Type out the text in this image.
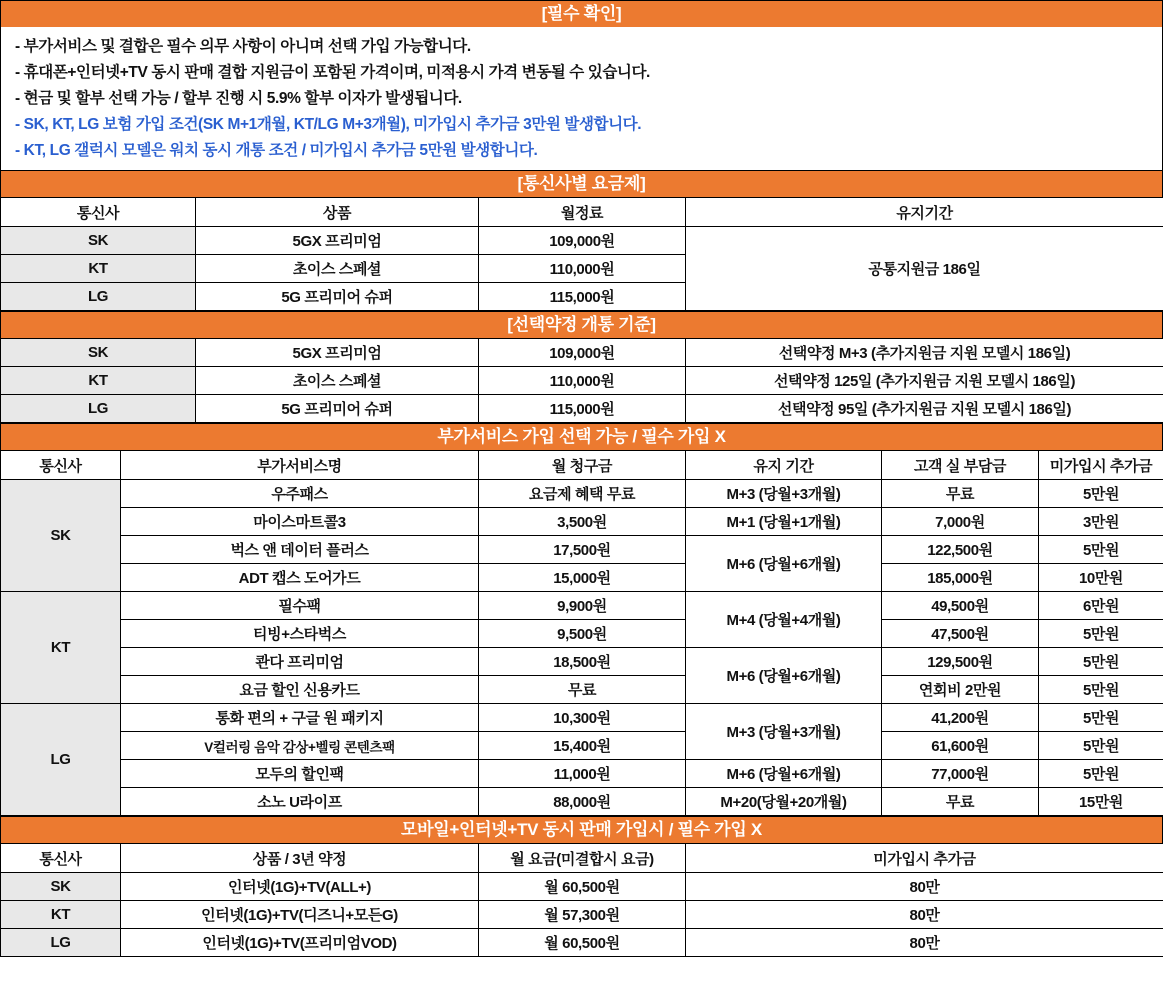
[필수 확인]
- 부가서비스 및 결합은 필수 의무 사항이 아니며 선택 가입 가능합니다.
- 휴대폰+인터넷+TV 동시 판매 결합 지원금이 포함된 가격이며, 미적용시 가격 변동될 수 있습니다.
- 현금 및 할부 선택 가능 / 할부 진행 시 5.9% 할부 이자가 발생됩니다.
- SK, KT, LG 보험 가입 조건(SK M+1개월, KT/LG M+3개월), 미가입시 추가금 3만원 발생합니다.
- KT, LG 갤럭시 모델은 워치 동시 개통 조건 / 미가입시 추가금 5만원 발생합니다.
[통신사별 요금제]
통신사	상품	월정료	유지기간
SK	5GX 프리미엄	109,000원	공통지원금 186일
KT	초이스 스페셜	110,000원	
LG	5G 프리미어 슈퍼	115,000원	
[선택약정 개통 기준]
SK	5GX 프리미엄	109,000원	선택약정 M+3 (추가지원금 지원 모델시 186일)
KT	초이스 스페셜	110,000원	선택약정 125일 (추가지원금 지원 모델시 186일)
LG	5G 프리미어 슈퍼	115,000원	선택약정 95일 (추가지원금 지원 모델시 186일)
부가서비스 가입 선택 가능 / 필수 가입 X
통신사	부가서비스명	월 청구금	유지 기간	고객 실 부담금	미가입시 추가금
SK	우주패스	요금제 혜택 무료	M+3 (당월+3개월)	무료	5만원
	마이스마트콜3	3,500원	M+1 (당월+1개월)	7,000원	3만원
	벅스 앤 데이터 플러스	17,500원	M+6 (당월+6개월)	122,500원	5만원
	ADT 캡스 도어가드	15,000원		185,000원	10만원
KT	필수팩	9,900원	M+4 (당월+4개월)	49,500원	6만원
	티빙+스타벅스	9,500원		47,500원	5만원
	콴다 프리미엄	18,500원	M+6 (당월+6개월)	129,500원	5만원
	요금 할인 신용카드	무료		연회비 2만원	5만원
LG	통화 편의 + 구글 원 패키지	10,300원	M+3 (당월+3개월)	41,200원	5만원
	V컬러링 음악 감상+벨링 콘텐츠팩	15,400원		61,600원	5만원
	모두의 할인팩	11,000원	M+6 (당월+6개월)	77,000원	5만원
	소노 U라이프	88,000원	M+20(당월+20개월)	무료	15만원
모바일+인터넷+TV 동시 판매 가입시 / 필수 가입 X
통신사	상품 / 3년 약정	월 요금(미결합시 요금)	미가입시 추가금
SK	인터넷(1G)+TV(ALL+)	월 60,500원	80만
KT	인터넷(1G)+TV(디즈니+모든G)	월 57,300원	80만
LG	인터넷(1G)+TV(프리미엄VOD)	월 60,500원	80만
